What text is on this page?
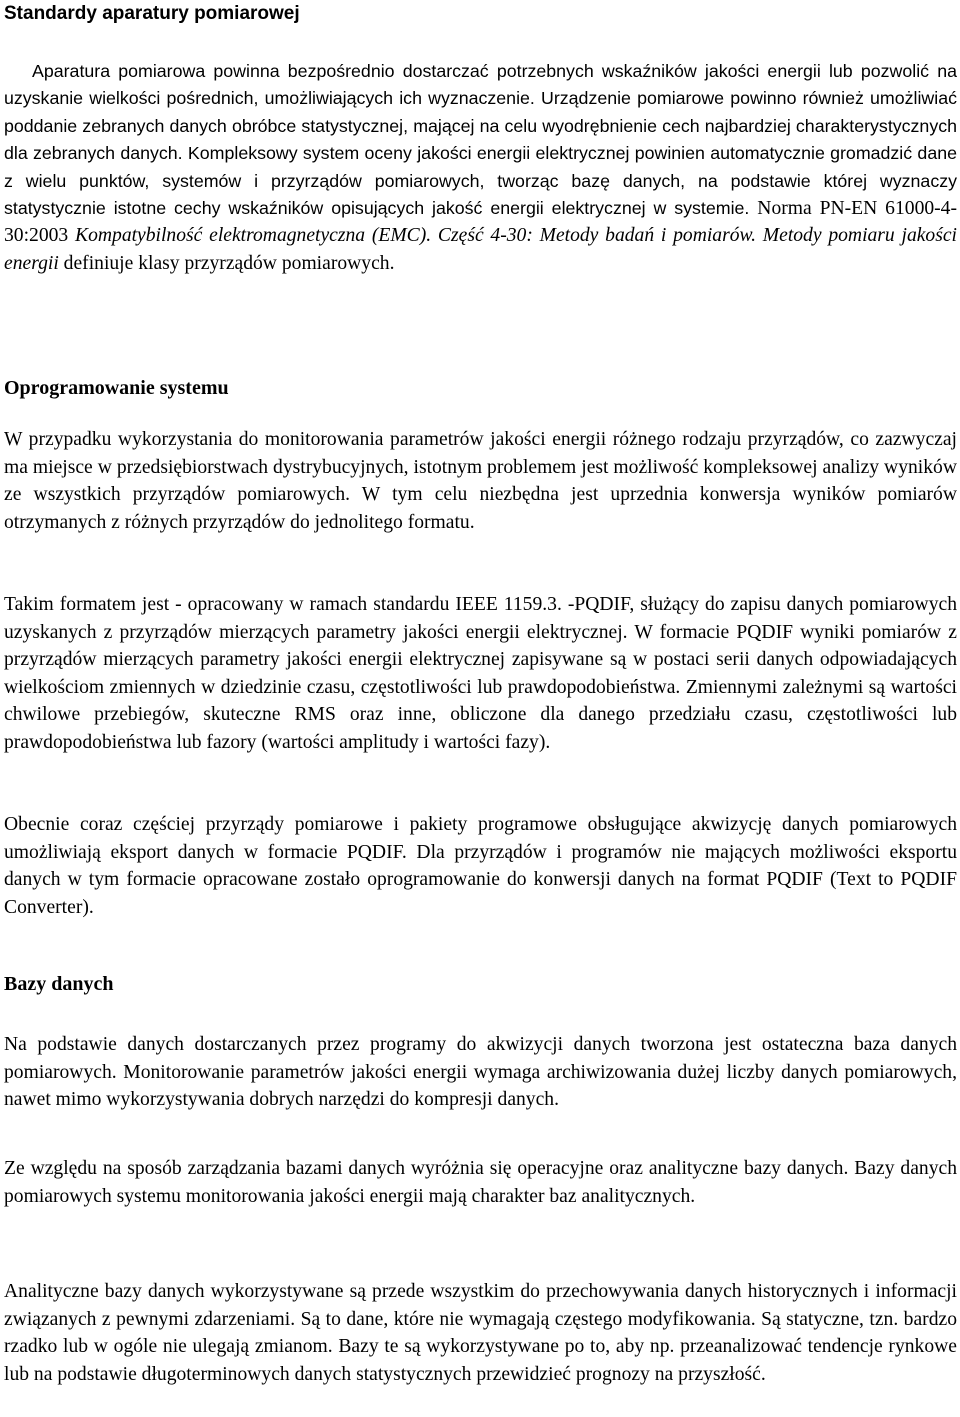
Standardy aparatury pomiarowej

Aparatura pomiarowa powinna bezpośrednio dostarczać potrzebnych wskaźników jakości energii lub pozwolić na uzyskanie wielkości pośrednich, umożliwiających ich wyznaczenie. Urządzenie pomiarowe powinno również umożliwiać poddanie zebranych danych obróbce statystycznej, mającej na celu wyodrębnienie cech najbardziej charakterystycznych dla zebranych danych. Kompleksowy system oceny jakości energii elektrycznej powinien automatycznie gromadzić dane z wielu punktów, systemów i przyrządów pomiarowych, tworząc bazę danych, na podstawie której wyznaczy statystycznie istotne cechy wskaźników opisujących jakość energii elektrycznej w systemie. Norma PN-EN 61000-4-30:2003 Kompatybilność elektromagnetyczna (EMC). Część 4-30: Metody badań i pomiarów. Metody pomiaru jakości energii definiuje klasy przyrządów pomiarowych.

Oprogramowanie systemu

W przypadku wykorzystania do monitorowania parametrów jakości energii różnego rodzaju przyrządów, co zazwyczaj ma miejsce w przedsiębiorstwach dystrybucyjnych, istotnym problemem jest możliwość kompleksowej analizy wyników ze wszystkich przyrządów pomiarowych. W tym celu niezbędna jest uprzednia konwersja wyników pomiarów otrzymanych z różnych przyrządów do jednolitego formatu.

Takim formatem jest - opracowany w ramach standardu IEEE 1159.3. -PQDIF, służący do zapisu danych pomiarowych uzyskanych z przyrządów mierzących parametry jakości energii elektrycznej. W formacie PQDIF wyniki pomiarów z przyrządów mierzących parametry jakości energii elektrycznej zapisywane są w postaci serii danych odpowiadających wielkościom zmiennych w dziedzinie czasu, częstotliwości lub prawdopodobieństwa. Zmiennymi zależnymi są wartości chwilowe przebiegów, skuteczne RMS oraz inne, obliczone dla danego przedziału czasu, częstotliwości lub prawdopodobieństwa lub fazory (wartości amplitudy i wartości fazy).

Obecnie coraz częściej przyrządy pomiarowe i pakiety programowe obsługujące akwizycję danych pomiarowych umożliwiają eksport danych w formacie PQDIF. Dla przyrządów i programów nie mających możliwości eksportu danych w tym formacie opracowane zostało oprogramowanie do konwersji danych na format PQDIF (Text to PQDIF Converter).

Bazy danych

Na podstawie danych dostarczanych przez programy do akwizycji danych tworzona jest ostateczna baza danych pomiarowych. Monitorowanie parametrów jakości energii wymaga archiwizowania dużej liczby danych pomiarowych, nawet mimo wykorzystywania dobrych narzędzi do kompresji danych.

Ze względu na sposób zarządzania bazami danych wyróżnia się operacyjne oraz analityczne bazy danych. Bazy danych pomiarowych systemu monitorowania jakości energii mają charakter baz analitycznych.

Analityczne bazy danych wykorzystywane są przede wszystkim do przechowywania danych historycznych i informacji związanych z pewnymi zdarzeniami. Są to dane, które nie wymagają częstego modyfikowania. Są statyczne, tzn. bardzo rzadko lub w ogóle nie ulegają zmianom. Bazy te są wykorzystywane po to, aby np. przeanalizować tendencje rynkowe lub na podstawie długoterminowych danych statystycznych przewidzieć prognozy na przyszłość.
